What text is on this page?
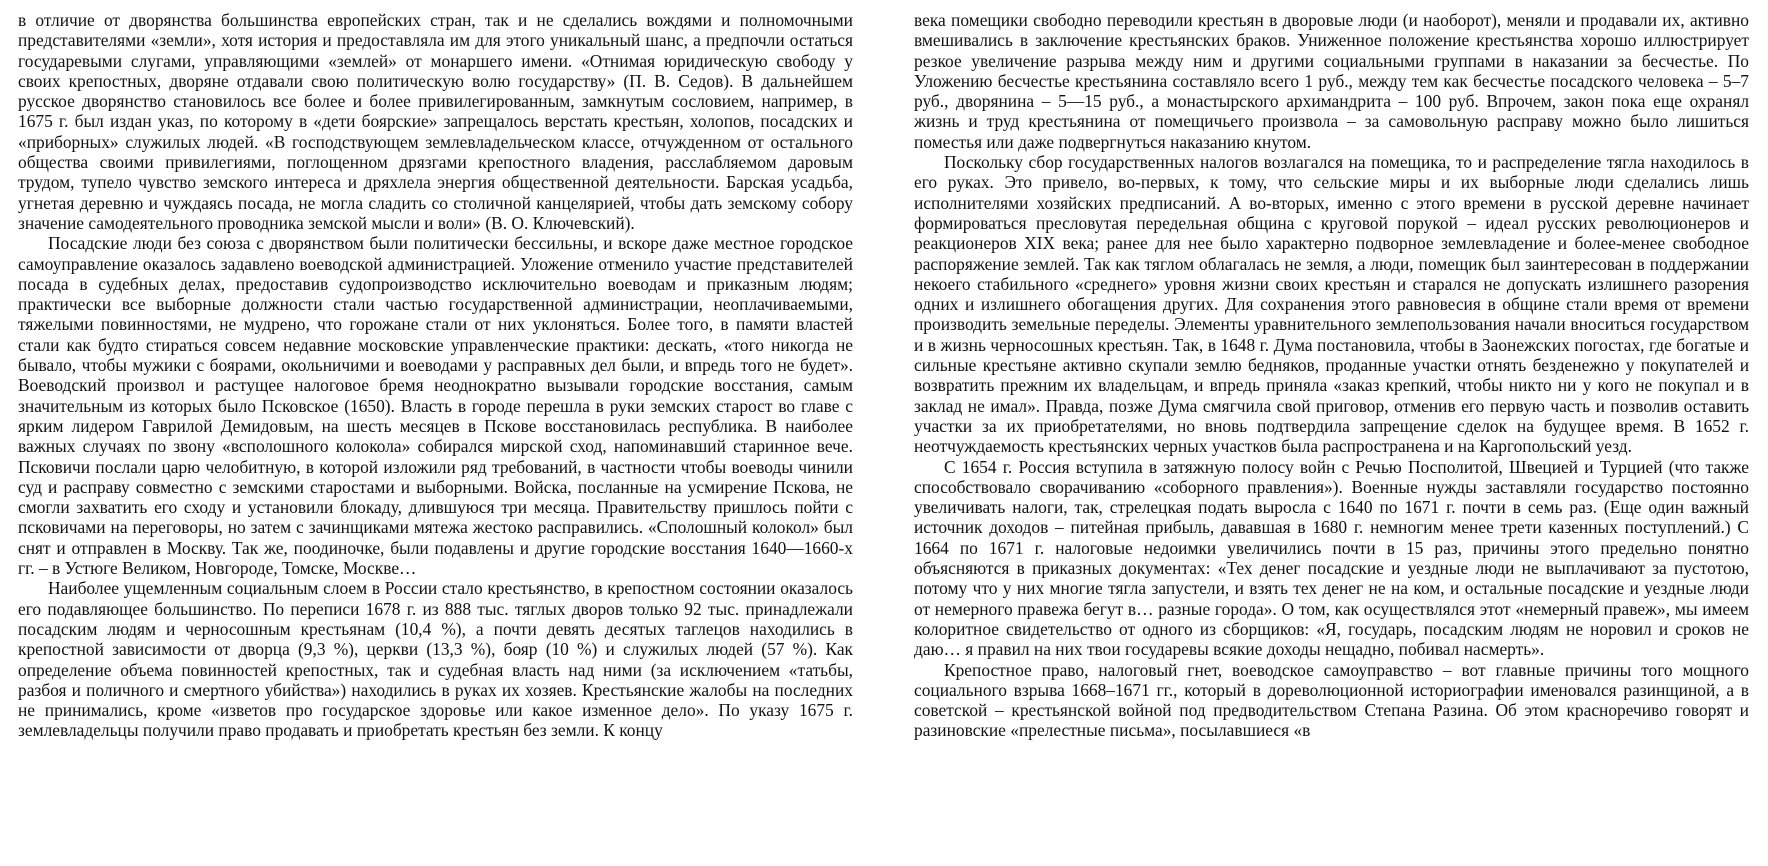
в отличие от дворянства большинства европейских стран, так и не сделались вождями и полномочными представителями «земли», хотя история и предоставляла им для этого уникальный шанс, а предпочли остаться государевыми слугами, управляющими «землей» от монаршего имени. «Отнимая юридическую свободу у своих крепостных, дворяне отдавали свою политическую волю государству» (П. В. Седов). В дальнейшем русское дворянство становилось все более и более привилегированным, замкнутым сословием, например, в 1675 г. был издан указ, по которому в «дети боярские» запрещалось верстать крестьян, холопов, посадских и «приборных» служилых людей. «В господствующем землевладельческом классе, отчужденном от остального общества своими привилегиями, поглощенном дрязгами крепостного владения, расслабляемом даровым трудом, тупело чувство земского интереса и дряхлела энергия общественной деятельности. Барская усадьба, угнетая деревню и чуждаясь посада, не могла сладить со столичной канцелярией, чтобы дать земскому собору значение самодеятельного проводника земской мысли и воли» (В. О. Ключевский).

Посадские люди без союза с дворянством были политически бессильны, и вскоре даже местное городское самоуправление оказалось задавлено воеводской администрацией. Уложение отменило участие представителей посада в судебных делах, предоставив судопроизводство исключительно воеводам и приказным людям; практически все выборные должности стали частью государственной администрации, неоплачиваемыми, тяжелыми повинностями, не мудрено, что горожане стали от них уклоняться. Более того, в памяти властей стали как будто стираться совсем недавние московские управленческие практики: дескать, «того никогда не бывало, чтобы мужики с боярами, окольничими и воеводами у расправных дел были, и впредь того не будет». Воеводский произвол и растущее налоговое бремя неоднократно вызывали городские восстания, самым значительным из которых было Псковское (1650). Власть в городе перешла в руки земских старост во главе с ярким лидером Гаврилой Демидовым, на шесть месяцев в Пскове восстановилась республика. В наиболее важных случаях по звону «всполошного колокола» собирался мирской сход, напоминавший старинное вече. Псковичи послали царю челобитную, в которой изложили ряд требований, в частности чтобы воеводы чинили суд и расправу совместно с земскими старостами и выборными. Войска, посланные на усмирение Пскова, не смогли захватить его сходу и установили блокаду, длившуюся три месяца. Правительству пришлось пойти с псковичами на переговоры, но затем с зачинщиками мятежа жестоко расправились. «Сполошный колокол» был снят и отправлен в Москву. Так же, поодиночке, были подавлены и другие городские восстания 1640—1660-х гг. – в Устюге Великом, Новгороде, Томске, Москве…

Наиболее ущемленным социальным слоем в России стало крестьянство, в крепостном состоянии оказалось его подавляющее большинство. По переписи 1678 г. из 888 тыс. тяглых дворов только 92 тыс. принадлежали посадским людям и черносошным крестьянам (10,4 %), а почти девять десятых таглецов находились в крепостной зависимости от дворца (9,3 %), церкви (13,3 %), бояр (10 %) и служилых людей (57 %). Как определение объема повинностей крепостных, так и судебная власть над ними (за исключением «татьбы, разбоя и поличного и смертного убийства») находились в руках их хозяев. Крестьянские жалобы на последних не принимались, кроме «изветов про государское здоровье или какое изменное дело». По указу 1675 г. землевладельцы получили право продавать и приобретать крестьян без земли. К концу

века помещики свободно переводили крестьян в дворовые люди (и наоборот), меняли и продавали их, активно вмешивались в заключение крестьянских браков. Униженное положение крестьянства хорошо иллюстрирует резкое увеличение разрыва между ним и другими социальными группами в наказании за бесчестье. По Уложению бесчестье крестьянина составляло всего 1 руб., между тем как бесчестье посадского человека – 5–7 руб., дворянина – 5—15 руб., а монастырского архимандрита – 100 руб. Впрочем, закон пока еще охранял жизнь и труд крестьянина от помещичьего произвола – за самовольную расправу можно было лишиться поместья или даже подвергнуться наказанию кнутом.

Поскольку сбор государственных налогов возлагался на помещика, то и распределение тягла находилось в его руках. Это привело, во-первых, к тому, что сельские миры и их выборные люди сделались лишь исполнителями хозяйских предписаний. А во-вторых, именно с этого времени в русской деревне начинает формироваться пресловутая передельная община с круговой порукой – идеал русских революционеров и реакционеров XIX века; ранее для нее было характерно подворное землевладение и более-менее свободное распоряжение землей. Так как тяглом облагалась не земля, а люди, помещик был заинтересован в поддержании некоего стабильного «среднего» уровня жизни своих крестьян и старался не допускать излишнего разорения одних и излишнего обогащения других. Для сохранения этого равновесия в общине стали время от времени производить земельные переделы. Элементы уравнительного землепользования начали вноситься государством и в жизнь черносошных крестьян. Так, в 1648 г. Дума постановила, чтобы в Заонежских погостах, где богатые и сильные крестьяне активно скупали землю бедняков, проданные участки отнять безденежно у покупателей и возвратить прежним их владельцам, и впредь приняла «заказ крепкий, чтобы никто ни у кого не покупал и в заклад не имал». Правда, позже Дума смягчила свой приговор, отменив его первую часть и позволив оставить участки за их приобретателями, но вновь подтвердила запрещение сделок на будущее время. В 1652 г. неотчуждаемость крестьянских черных участков была распространена и на Каргопольский уезд.

С 1654 г. Россия вступила в затяжную полосу войн с Речью Посполитой, Швецией и Турцией (что также способствовало сворачиванию «соборного правления»). Военные нужды заставляли государство постоянно увеличивать налоги, так, стрелецкая подать выросла с 1640 по 1671 г. почти в семь раз. (Еще один важный источник доходов – питейная прибыль, дававшая в 1680 г. немногим менее трети казенных поступлений.) С 1664 по 1671 г. налоговые недоимки увеличились почти в 15 раз, причины этого предельно понятно объясняются в приказных документах: «Тех денег посадские и уездные люди не выплачивают за пустотою, потому что у них многие тягла запустели, и взять тех денег не на ком, и остальные посадские и уездные люди от немерного правежа бегут в… разные города». О том, как осуществлялся этот «немерный правеж», мы имеем колоритное свидетельство от одного из сборщиков: «Я, государь, посадским людям не норовил и сроков не даю… я правил на них твои государевы всякие доходы нещадно, побивал насмерть».

Крепостное право, налоговый гнет, воеводское самоуправство – вот главные причины того мощного социального взрыва 1668–1671 гг., который в дореволюционной историографии именовался разинщиной, а в советской – крестьянской войной под предводительством Степана Разина. Об этом красноречиво говорят и разиновские «прелестные письма», посылавшиеся «в
